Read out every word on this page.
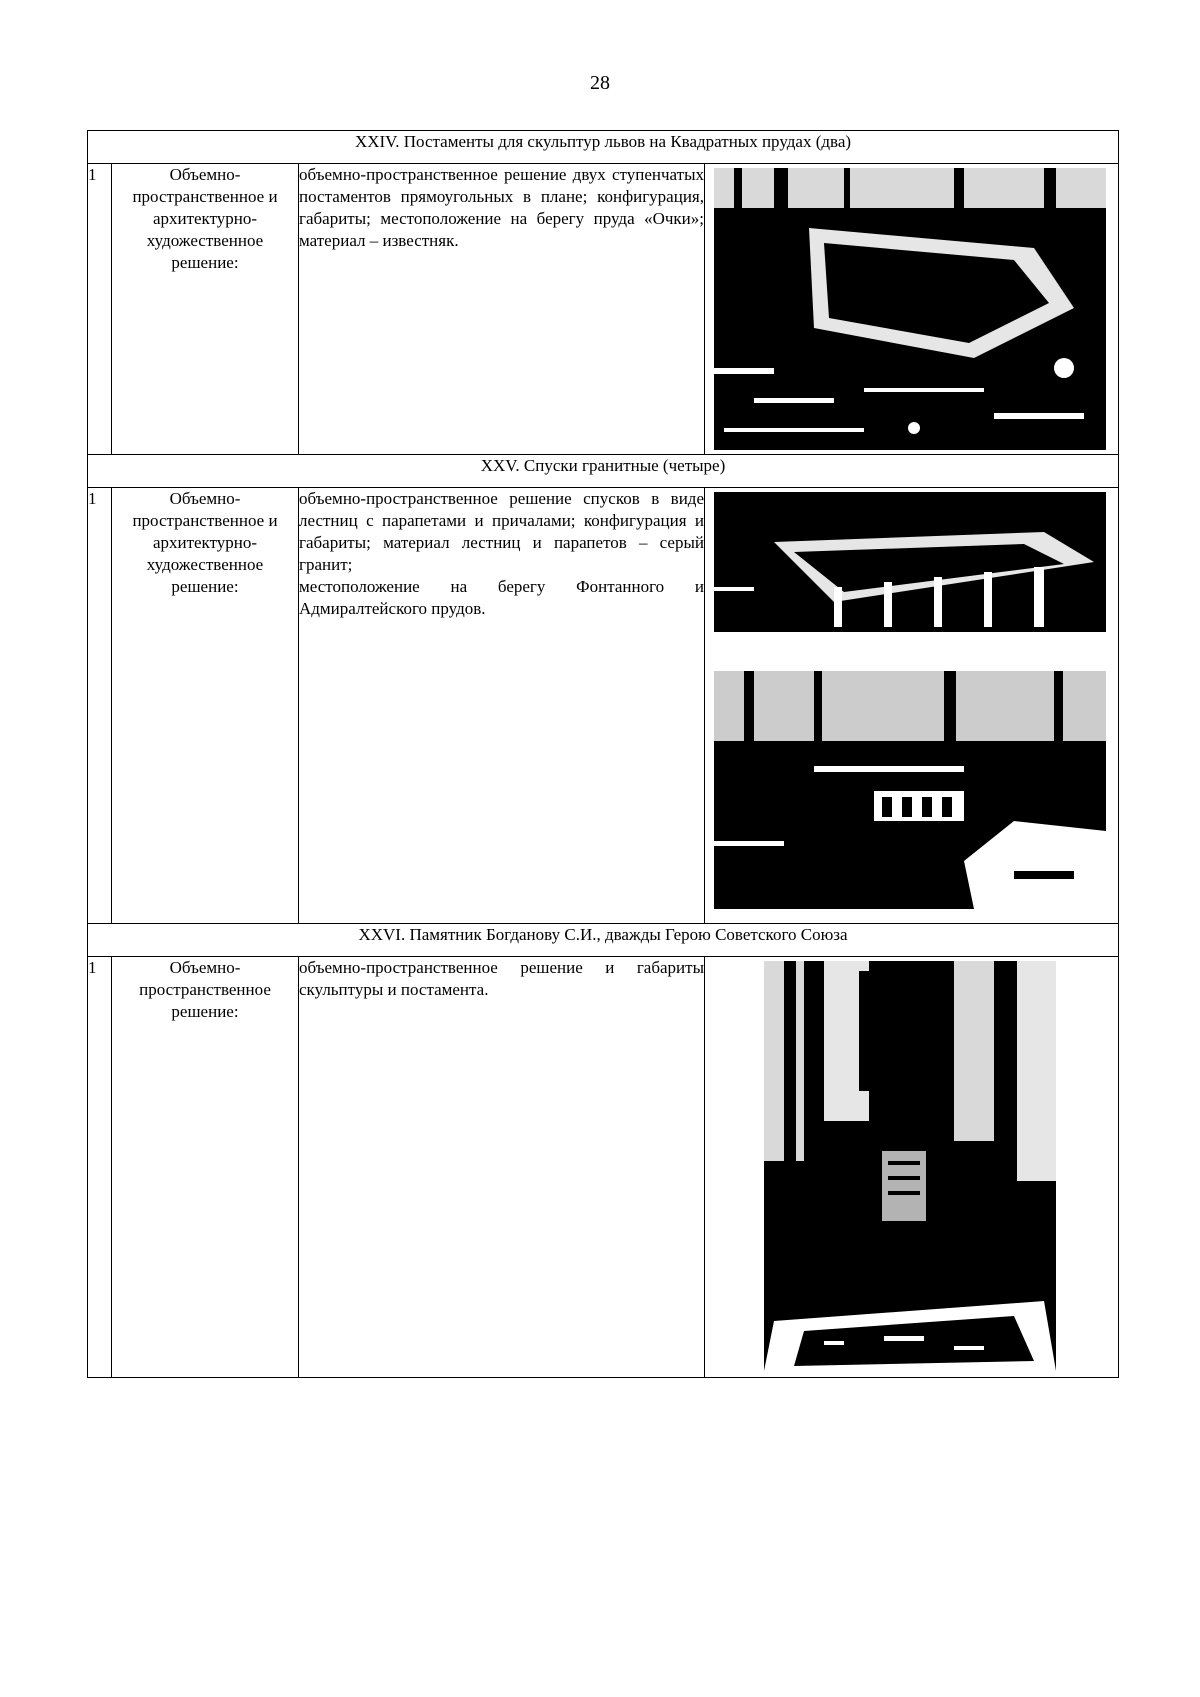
28
XXIV. Постаменты для скульптур львов на Квадратных прудах (два)			
1	Объемно-пространственное и архитектурно-художественное решение:	объемно-пространственное решение двух ступенчатых постаментов прямоугольных в плане; конфигурация, габариты; местоположение на берегу пруда «Очки»; материал – известняк.	

XXV. Спуски гранитные (четыре)			
1	Объемно-пространственное и архитектурно-художественное решение:	объемно-пространственное решение спусков в виде лестниц с парапетами и причалами; конфигурация и габариты; материал лестниц и парапетов – серый гранит;
местоположение на берегу Фонтанного и Адмиралтейского прудов.

XXVI. Памятник Богданову С.И., дважды Герою Советского Союза			
1	Объемно-пространственное решение:	объемно-пространственное решение и габариты скульптуры и постамента.	
